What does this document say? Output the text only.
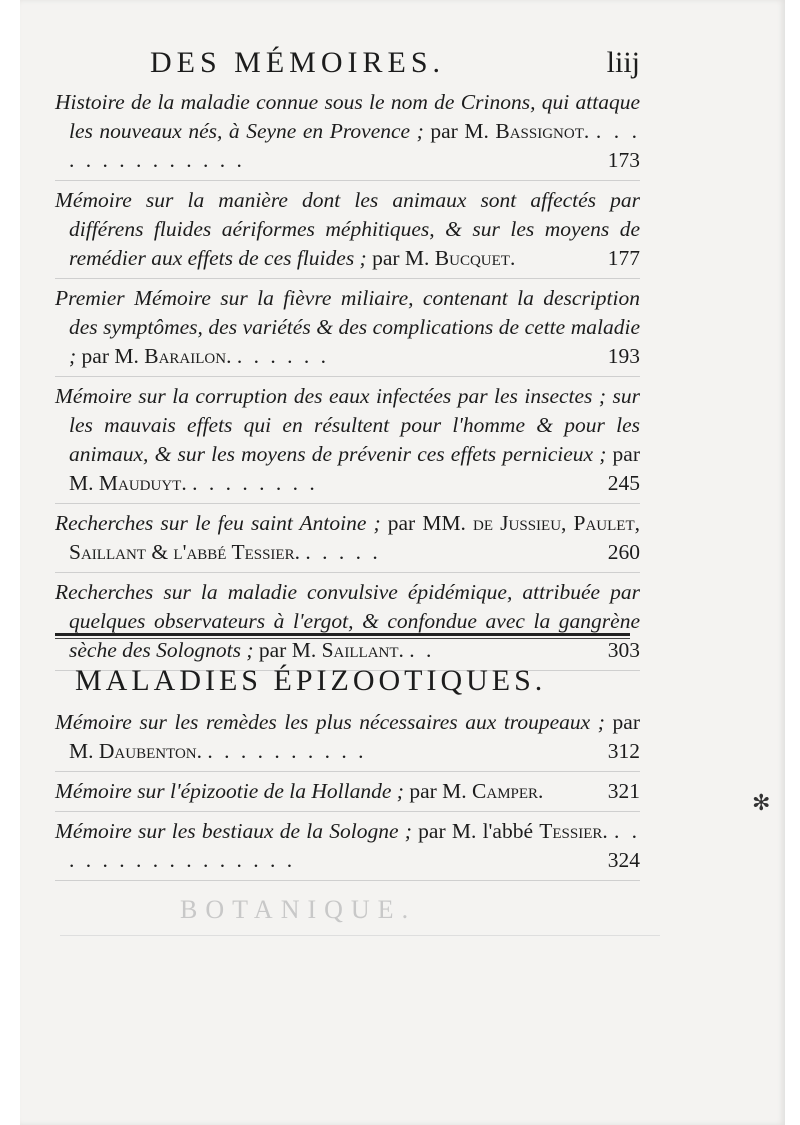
DES MÉMOIRES.	liij
Histoire de la maladie connue sous le nom de Crinons, qui attaque les nouveaux nés, à Seyne en Provence ; par M. Bassignot. . . . . . . . . . . . . . .	173
Mémoire sur la manière dont les animaux sont affectés par différens fluides aériformes méphitiques, & sur les moyens de remédier aux effets de ces fluides ; par M. Bucquet.	177
Premier Mémoire sur la fièvre miliaire, contenant la description des symptômes, des variétés & des complications de cette maladie ; par M. Barailon. . . . . . .	193
Mémoire sur la corruption des eaux infectées par les insectes ; sur les mauvais effets qui en résultent pour l'homme & pour les animaux, & sur les moyens de prévenir ces effets pernicieux ; par M. Mauduyt. . . . . . . . .	245
Recherches sur le feu saint Antoine ; par MM. de Jussieu, Paulet, Saillant & l'abbé Tessier. . . . . .	260
Recherches sur la maladie convulsive épidémique, attribuée par quelques observateurs à l'ergot, & confondue avec la gangrène sèche des Solognots ; par M. Saillant. . .	303
MALADIES ÉPIZOOTIQUES.
Mémoire sur les remèdes les plus nécessaires aux troupeaux ; par M. Daubenton. . . . . . . . . . .	312
Mémoire sur l'épizootie de la Hollande ; par M. Camper.	321
Mémoire sur les bestiaux de la Sologne ; par M. l'abbé Tessier. . . . . . . . . . . . . . . . .	324
BOTANIQUE.
✻
